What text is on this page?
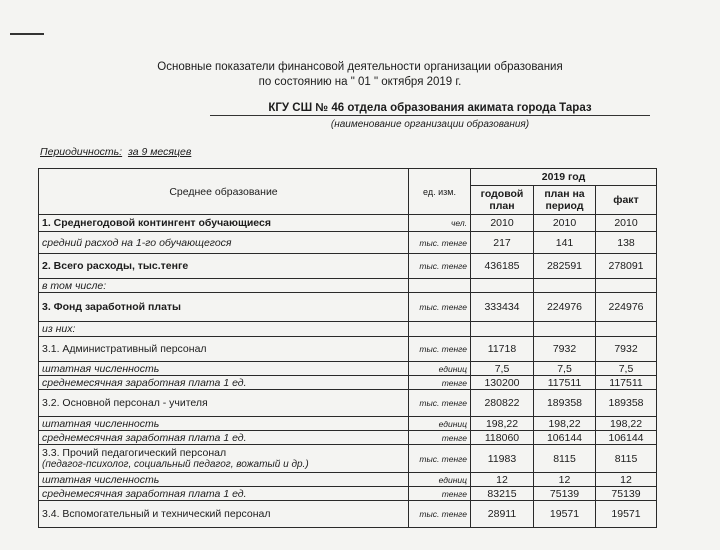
Основные показатели финансовой деятельности организации образования
по состоянию на " 01 " октября 2019 г.
КГУ СШ № 46 отдела образования акимата города Тараз
(наименование организации образования)
Периодичность: за 9 месяцев
Среднее образование	ед. изм.	2019 год		
		годовой план	план на период	факт
1. Среднегодовой контингент обучающиеся	чел.	2010	2010	2010
средний расход на 1-го обучающегося	тыс. тенге	217	141	138
2. Всего расходы, тыс.тенге	тыс. тенге	436185	282591	278091
в том числе:				
3. Фонд заработной платы	тыс. тенге	333434	224976	224976
из них:				
3.1. Административный персонал	тыс. тенге	11718	7932	7932
штатная численность	единиц	7,5	7,5	7,5
среднемесячная заработная плата 1 ед.	тенге	130200	117511	117511
3.2. Основной персонал - учителя	тыс. тенге	280822	189358	189358
штатная численность	единиц	198,22	198,22	198,22
среднемесячная заработная плата 1 ед.	тенге	118060	106144	106144

3.3. Прочий педагогический персонал
(педагог-психолог, социальный педагог, вожатый и др.)	тыс. тенге	11983	8115	8115
штатная численность	единиц	12	12	12
среднемесячная заработная плата 1 ед.	тенге	83215	75139	75139
3.4. Вспомогательный и технический персонал	тыс. тенге	28911	19571	19571
